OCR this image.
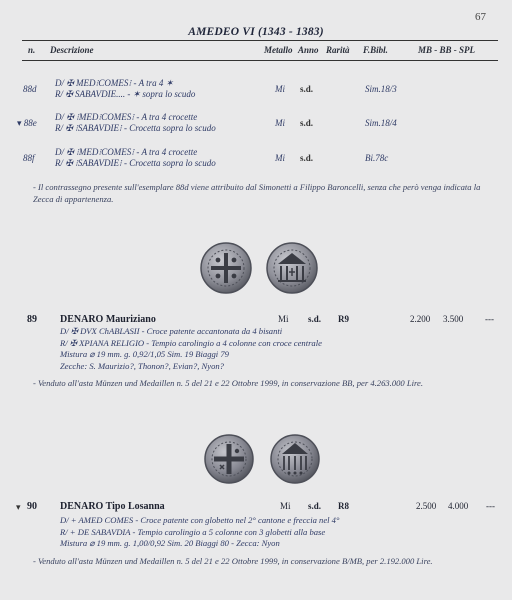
67
AMEDEO VI (1343 - 1383)
n. Descrizione	Metallo Anno Rarità F.Bibl.	MB - BB - SPL
88d
D/ ✠ MED⁝COMES⁝ - A tra 4 ✶
R/ ✠ SABAVDIE.... - ✶ sopra lo scudo	Mi s.d.	Sim.18/3
▾ 88e
D/ ✠ ⁝MED⁝COMES⁝ - A tra 4 crocette
R/ ✠ ⁝SABAVDIE⁝ - Crocetta sopra lo scudo	Mi s.d.	Sim.18/4
88f
D/ ✠ ⁝MED⁝COMES⁝ - A tra 4 crocette
R/ ✠ ⁝SABAVDIE⁝ - Crocetta sopra lo scudo	Mi s.d.	Bi.78c
- Il contrassegno presente sull'esemplare 88d viene attribuito dal Simonetti a Filippo Baroncelli, senza che però venga indicata la Zecca di appartenenza.
89 DENARO Mauriziano	Mi s.d. R9	2.200 3.500 ---
D/ ✠ DVX ChABLASII - Croce patente accantonata da 4 bisanti
R/ ✠ XPIANA RELIGIO - Tempio carolingio a 4 colonne con croce centrale
Mistura ⌀ 19 mm. g. 0,92/1,05 Sim. 19 Biaggi 79
Zecche: S. Maurizio?, Thonon?, Evian?, Nyon?
- Venduto all'asta Münzen und Medaillen n. 5 del 21 e 22 Ottobre 1999, in conservazione BB, per 4.263.000 Lire.
▾ 90 DENARO Tipo Losanna	Mi s.d. R8	2.500 4.000 ---
D/ + AMED COMES - Croce patente con globetto nel 2° cantone e freccia nel 4°
R/ + DE SABAVDIA - Tempio carolingio a 5 colonne con 3 globetti alla base
Mistura ⌀ 19 mm. g. 1,00/0,92 Sim. 20 Biaggi 80 - Zecca: Nyon
- Venduto all'asta Münzen und Medaillen n. 5 del 21 e 22 Ottobre 1999, in conservazione B/MB, per 2.192.000 Lire.
